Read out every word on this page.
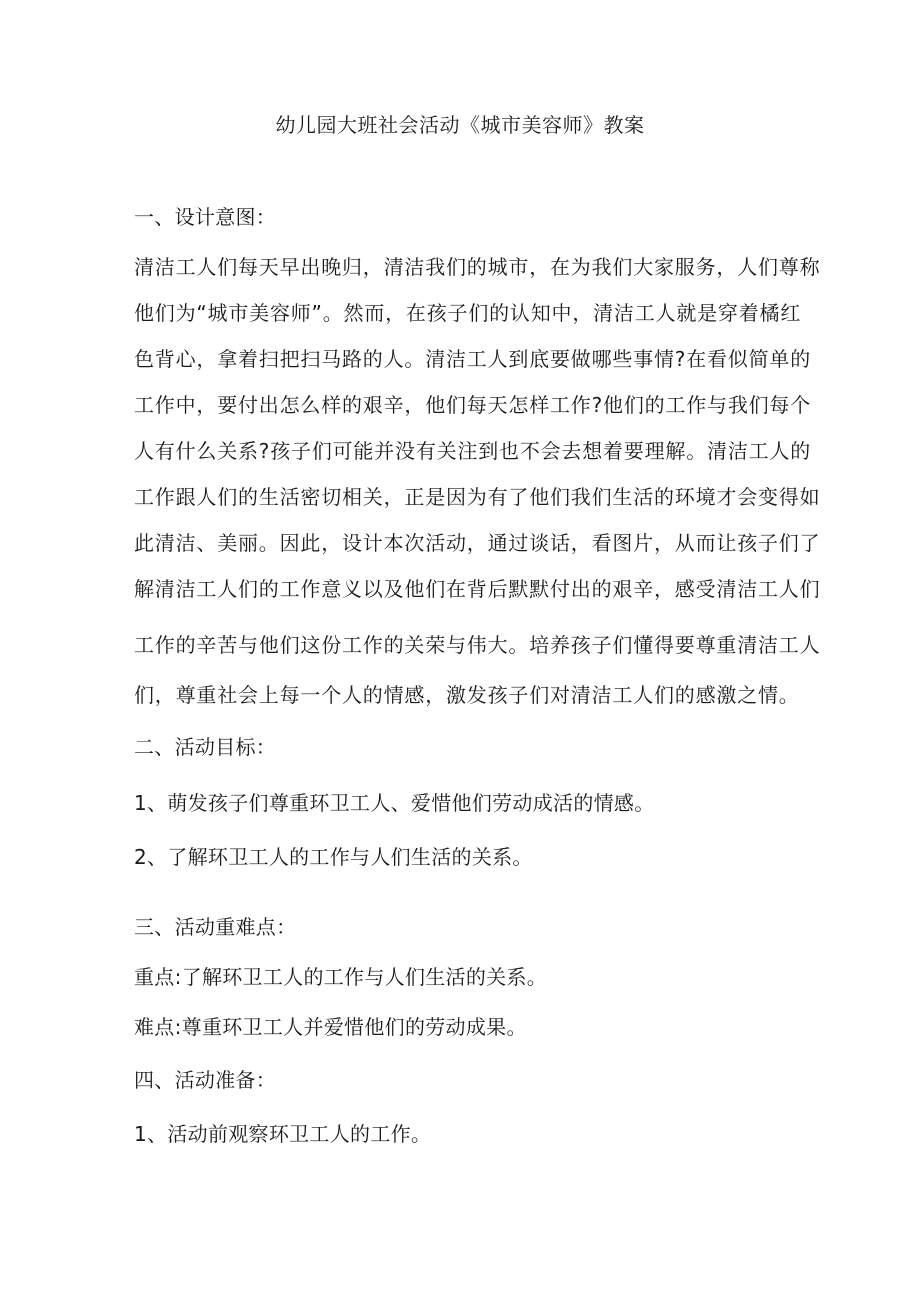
幼儿园大班社会活动《城市美容师》教案

一、设计意图：

清洁工人们每天早出晚归，清洁我们的城市，在为我们大家服务，人们尊称

他们为“城市美容师”。然而，在孩子们的认知中，清洁工人就是穿着橘红

色背心，拿着扫把扫马路的人。清洁工人到底要做哪些事情?在看似简单的

工作中，要付出怎么样的艰辛，他们每天怎样工作?他们的工作与我们每个

人有什么关系?孩子们可能并没有关注到也不会去想着要理解。清洁工人的

工作跟人们的生活密切相关，正是因为有了他们我们生活的环境才会变得如

此清洁、美丽。因此，设计本次活动，通过谈话，看图片，从而让孩子们了

解清洁工人们的工作意义以及他们在背后默默付出的艰辛，感受清洁工人们

工作的辛苦与他们这份工作的关荣与伟大。培养孩子们懂得要尊重清洁工人

们，尊重社会上每一个人的情感，激发孩子们对清洁工人们的感激之情。

二、活动目标：

1、萌发孩子们尊重环卫工人、爱惜他们劳动成活的情感。

2、了解环卫工人的工作与人们生活的关系。

三、活动重难点：

重点:了解环卫工人的工作与人们生活的关系。

难点:尊重环卫工人并爱惜他们的劳动成果。

四、活动准备：

1、活动前观察环卫工人的工作。
